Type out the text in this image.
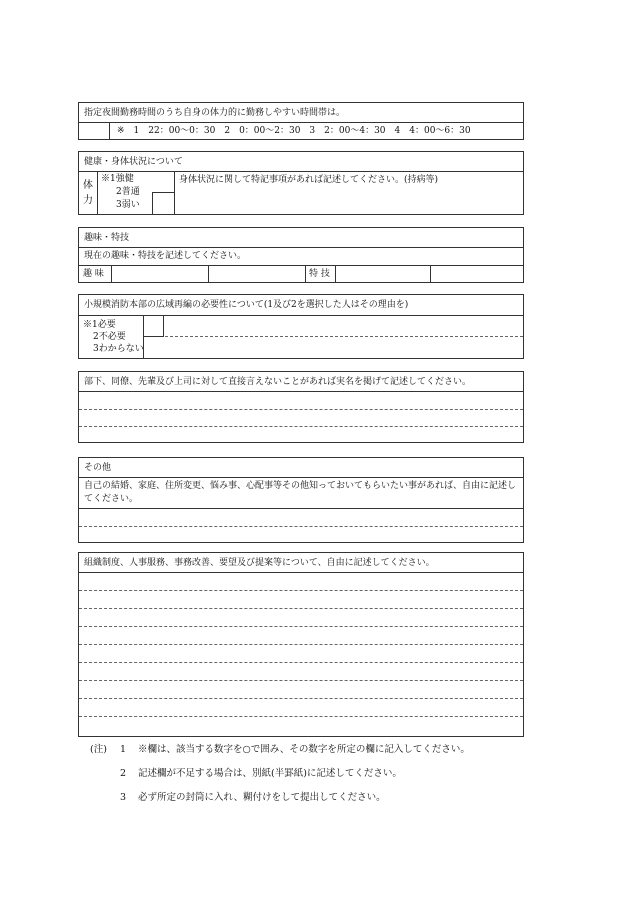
指定夜間勤務時間のうち自身の体力的に勤務しやすい時間帯は。
※　1　22：00～0：30　2　0：00～2：30　3　2：00～4：30　4　4：00～6：30
健康・身体状況について
体
力
※1強健
2普通
3弱い
身体状況に関して特記事項があれば記述してください。(持病等)
趣味・特技
現在の趣味・特技を記述してください。
趣 味	特 技
小規模消防本部の広域再編の必要性について(1及び2を選択した人はその理由を)
※1必要
2不必要
3わからない
部下、同僚、先輩及び上司に対して直接言えないことがあれば実名を掲げて記述してください。
その他
自己の結婚、家庭、住所変更、悩み事、心配事等その他知っておいてもらいたい事があれば、自由に記述してください。
組織制度、人事服務、事務改善、要望及び提案等について、自由に記述してください。
(注) 1 ※欄は、該当する数字を○で囲み、その数字を所定の欄に記入してください。
2 記述欄が不足する場合は、別紙(半罫紙)に記述してください。
3 必ず所定の封筒に入れ、糊付けをして提出してください。
